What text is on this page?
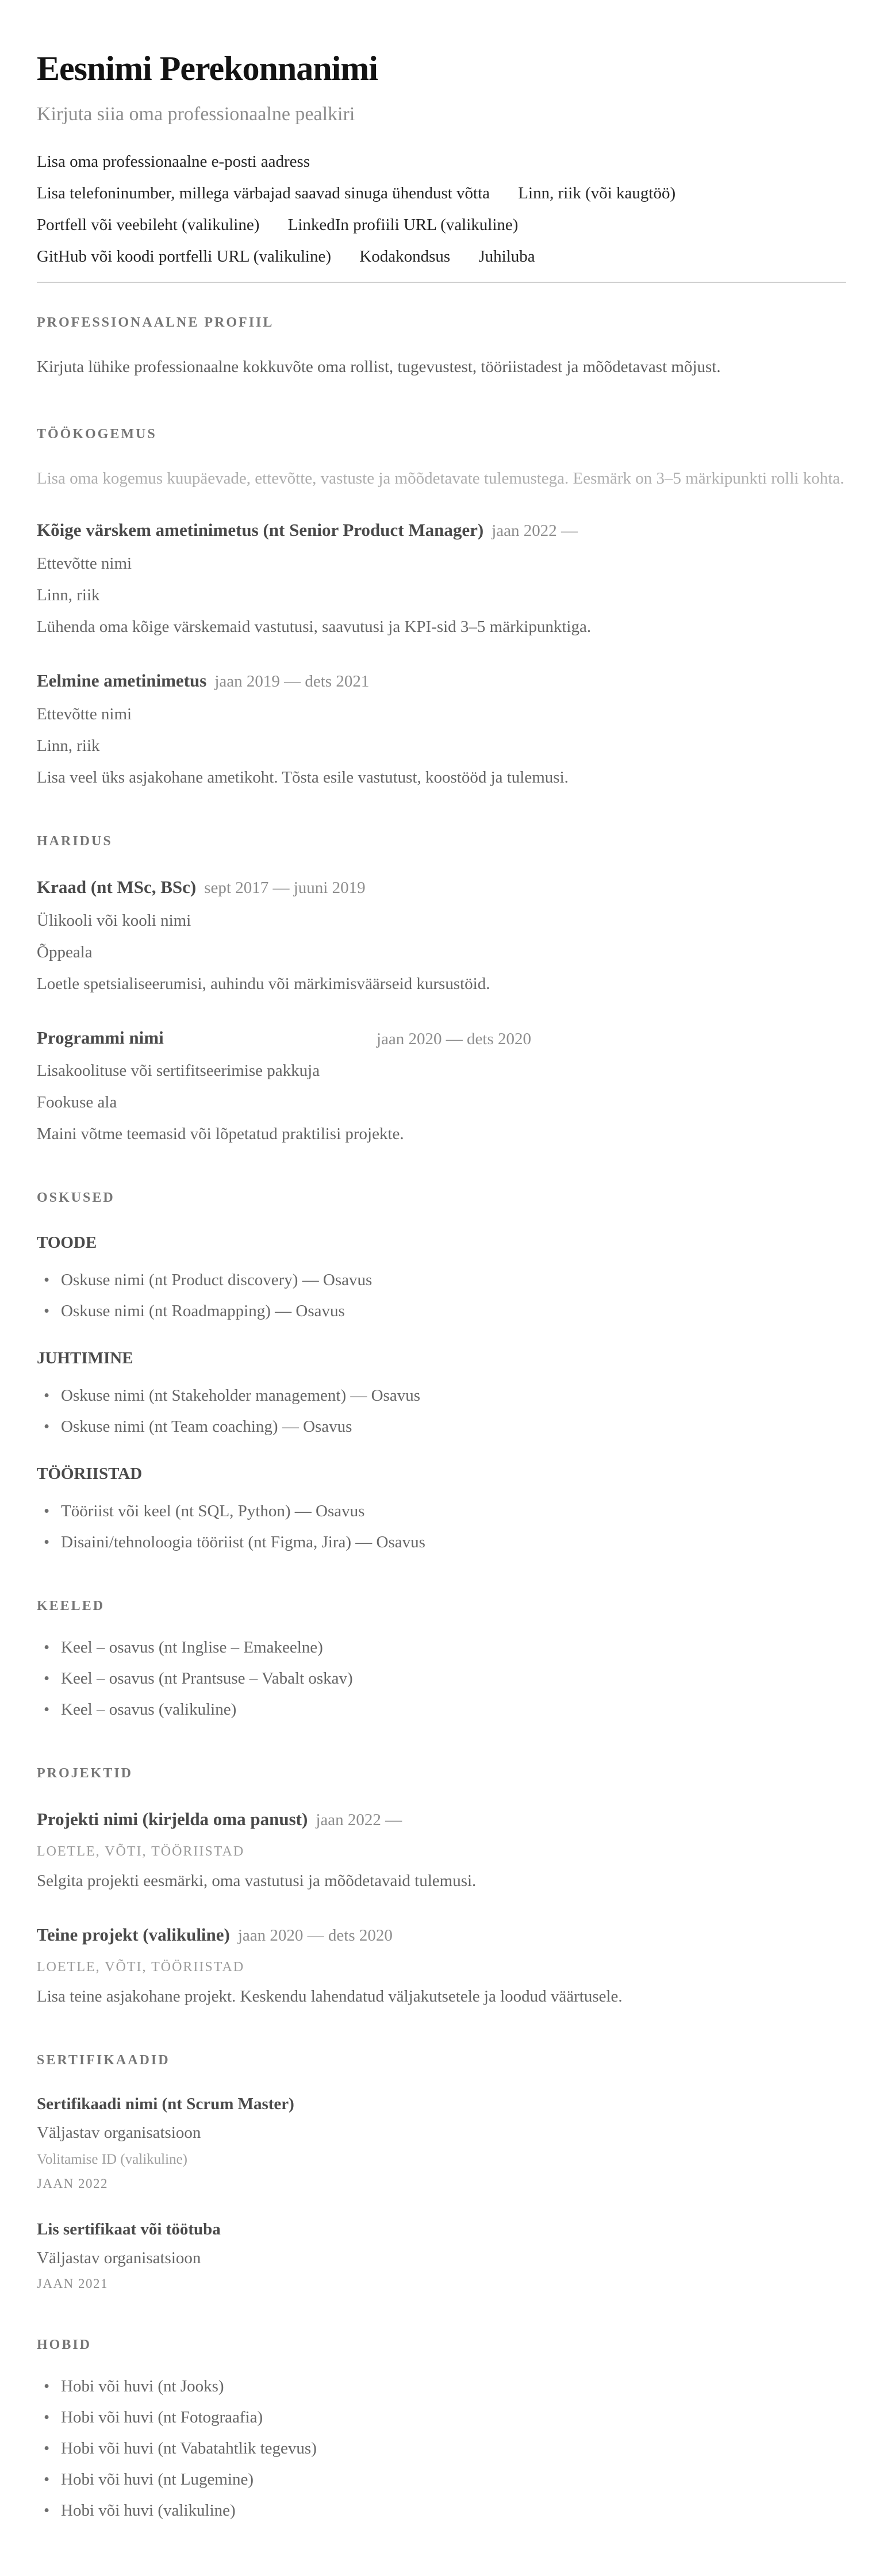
Eesnimi Perekonnanimi
Kirjuta siia oma professionaalne pealkiri
Lisa oma professionaalne e-posti aadress
Lisa telefoninumber, millega värbajad saavad sinuga ühendust võtta Linn, riik (või kaugtöö)
Portfell või veebileht (valikuline) LinkedIn profiili URL (valikuline)
GitHub või koodi portfelli URL (valikuline) Kodakondsus Juhiluba
PROFESSIONAALNE PROFIIL

Kirjuta lühike professionaalne kokkuvõte oma rollist, tugevustest, tööriistadest ja mõõdetavast mõjust.

TÖÖKOGEMUS

Lisa oma kogemus kuupäevade, ettevõtte, vastuste ja mõõdetavate tulemustega. Eesmärk on 3–5 märkipunkti rolli kohta.

Kõige värskem ametinimetus (nt Senior Product Manager) jaan 2022 —
Ettevõtte nimi
Linn, riik
Lühenda oma kõige värskemaid vastutusi, saavutusi ja KPI-sid 3–5 märkipunktiga.
Eelmine ametinimetus jaan 2019 — dets 2021
Ettevõtte nimi
Linn, riik
Lisa veel üks asjakohane ametikoht. Tõsta esile vastutust, koostööd ja tulemusi.
HARIDUS
Kraad (nt MSc, BSc) sept 2017 — juuni 2019
Ülikooli või kooli nimi
Õppeala
Loetle spetsialiseerumisi, auhindu või märkimisväärseid kursustöid.
Programmi nimi	jaan 2020 — dets 2020
Lisakoolituse või sertifitseerimise pakkuja
Fookuse ala
Maini võtme teemasid või lõpetatud praktilisi projekte.
OSKUSED
TOODE
• Oskuse nimi (nt Product discovery) — Osavus
• Oskuse nimi (nt Roadmapping) — Osavus
JUHTIMINE
• Oskuse nimi (nt Stakeholder management) — Osavus
• Oskuse nimi (nt Team coaching) — Osavus
TÖÖRIISTAD
• Tööriist või keel (nt SQL, Python) — Osavus
• Disaini/tehnoloogia tööriist (nt Figma, Jira) — Osavus
KEELED
• Keel – osavus (nt Inglise – Emakeelne)
• Keel – osavus (nt Prantsuse – Vabalt oskav)
• Keel – osavus (valikuline)
PROJEKTID
Projekti nimi (kirjelda oma panust) jaan 2022 —
LOETLE, VÕTI, TÖÖRIISTAD
Selgita projekti eesmärki, oma vastutusi ja mõõdetavaid tulemusi.
Teine projekt (valikuline) jaan 2020 — dets 2020
LOETLE, VÕTI, TÖÖRIISTAD
Lisa teine asjakohane projekt. Keskendu lahendatud väljakutsetele ja loodud väärtusele.
SERTIFIKAADID
Sertifikaadi nimi (nt Scrum Master)
Väljastav organisatsioon
Volitamise ID (valikuline)
JAAN 2022
Lis sertifikaat või töötuba
Väljastav organisatsioon
JAAN 2021
HOBID
• Hobi või huvi (nt Jooks)
• Hobi või huvi (nt Fotograafia)
• Hobi või huvi (nt Vabatahtlik tegevus)
• Hobi või huvi (nt Lugemine)
• Hobi või huvi (valikuline)
